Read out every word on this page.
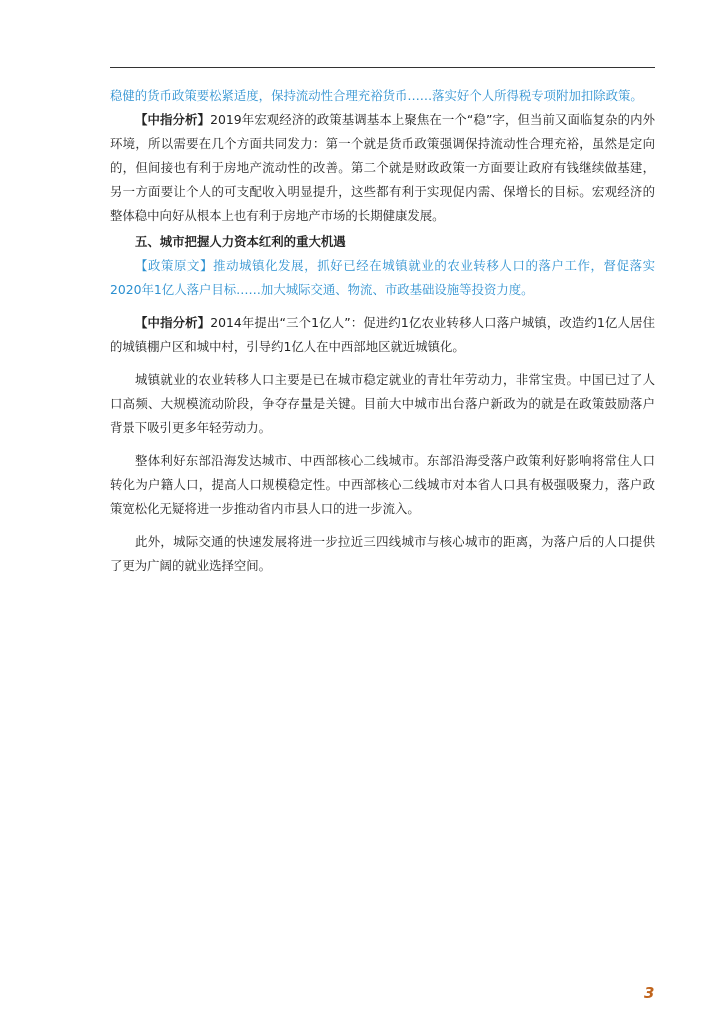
稳健的货币政策要松紧适度，保持流动性合理充裕货币……落实好个人所得税专项附加扣除政策。

【中指分析】2019年宏观经济的政策基调基本上聚焦在一个“稳”字，但当前又面临复杂的内外环境，所以需要在几个方面共同发力：第一个就是货币政策强调保持流动性合理充裕，虽然是定向的，但间接也有利于房地产流动性的改善。第二个就是财政政策一方面要让政府有钱继续做基建，另一方面要让个人的可支配收入明显提升，这些都有利于实现促内需、保增长的目标。宏观经济的整体稳中向好从根本上也有利于房地产市场的长期健康发展。

五、城市把握人力资本红利的重大机遇

【政策原文】推动城镇化发展，抓好已经在城镇就业的农业转移人口的落户工作，督促落实2020年1亿人落户目标……加大城际交通、物流、市政基础设施等投资力度。

【中指分析】2014年提出“三个1亿人”：促进约1亿农业转移人口落户城镇，改造约1亿人居住的城镇棚户区和城中村，引导约1亿人在中西部地区就近城镇化。

城镇就业的农业转移人口主要是已在城市稳定就业的青壮年劳动力，非常宝贵。中国已过了人口高频、大规模流动阶段，争夺存量是关键。目前大中城市出台落户新政为的就是在政策鼓励落户背景下吸引更多年轻劳动力。

整体利好东部沿海发达城市、中西部核心二线城市。东部沿海受落户政策利好影响将常住人口转化为户籍人口，提高人口规模稳定性。中西部核心二线城市对本省人口具有极强吸聚力，落户政策宽松化无疑将进一步推动省内市县人口的进一步流入。

此外，城际交通的快速发展将进一步拉近三四线城市与核心城市的距离，为落户后的人口提供了更为广阔的就业选择空间。

3
